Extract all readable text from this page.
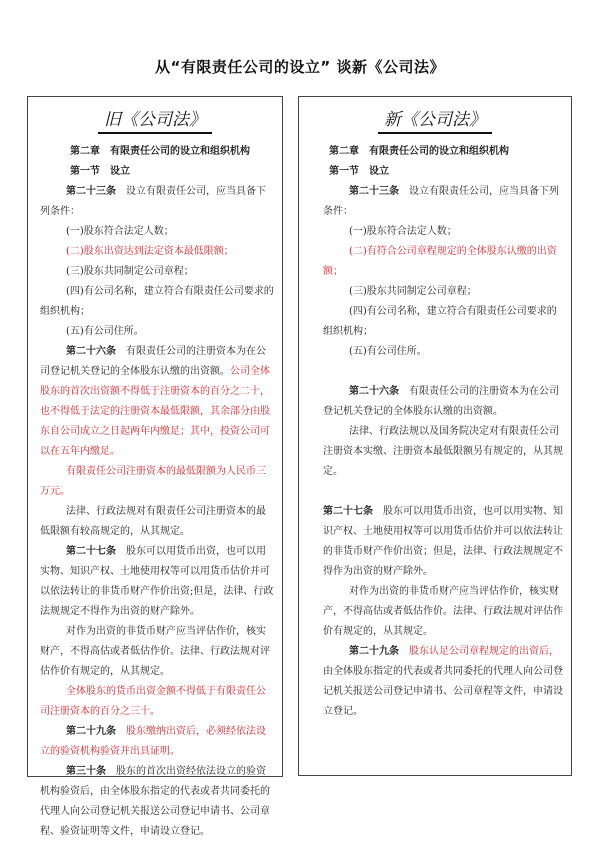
从“有限责任公司的设立” 谈新《公司法》
旧《公司法》
第二章　有限责任公司的设立和组织机构
第一节　设立

第二十三条　 设立有限责任公司，应当具备下列条件：

(一)股东符合法定人数；

(二)股东出资达到法定资本最低限额；

(三)股东共同制定公司章程；

(四)有公司名称，建立符合有限责任公司要求的组织机构；

(五)有公司住所。

第二十六条　 有限责任公司的注册资本为在公司登记机关登记的全体股东认缴的出资额。公司全体股东的首次出资额不得低于注册资本的百分之二十，也不得低于法定的注册资本最低限额，其余部分由股东自公司成立之日起两年内缴足；其中，投资公司可以在五年内缴足。

有限责任公司注册资本的最低限额为人民币三万元。

法律、行政法规对有限责任公司注册资本的最低限额有较高规定的，从其规定。

第二十七条　 股东可以用货币出资，也可以用实物、知识产权、土地使用权等可以用货币估价并可以依法转让的非货币财产作价出资;但是，法律、行政法规规定不得作为出资的财产除外。

对作为出资的非货币财产应当评估作价，核实财产，不得高估或者低估作价。法律、行政法规对评估作价有规定的，从其规定。

全体股东的货币出资金额不得低于有限责任公司注册资本的百分之三十。

第二十九条　 股东缴纳出资后，必须经依法设立的验资机构验资并出具证明。

第三十条　 股东的首次出资经依法设立的验资机构验资后，由全体股东指定的代表或者共同委托的代理人向公司登记机关报送公司登记申请书、公司章程、验资证明等文件，申请设立登记。

新《公司法》
第二章　有限责任公司的设立和组织机构
第一节　设立

第二十三条　 设立有限责任公司，应当具备下列条件：

(一)股东符合法定人数；

(二)有符合公司章程规定的全体股东认缴的出资额；

(三)股东共同制定公司章程；

(四)有公司名称，建立符合有限责任公司要求的组织机构；

(五)有公司住所。

第二十六条　 有限责任公司的注册资本为在公司登记机关登记的全体股东认缴的出资额。

法律、行政法规以及国务院决定对有限责任公司注册资本实缴、注册资本最低限额另有规定的，从其规定。

第二十七条　 股东可以用货币出资，也可以用实物、知识产权、土地使用权等可以用货币估价并可以依法转让的非货币财产作价出资；但是，法律、行政法规规定不得作为出资的财产除外。

对作为出资的非货币财产应当评估作价，核实财产，不得高估或者低估作价。法律、行政法规对评估作价有规定的，从其规定。

第二十九条　 股东认足公司章程规定的出资后，由全体股东指定的代表或者共同委托的代理人向公司登记机关报送公司登记申请书、公司章程等文件，申请设立登记。
